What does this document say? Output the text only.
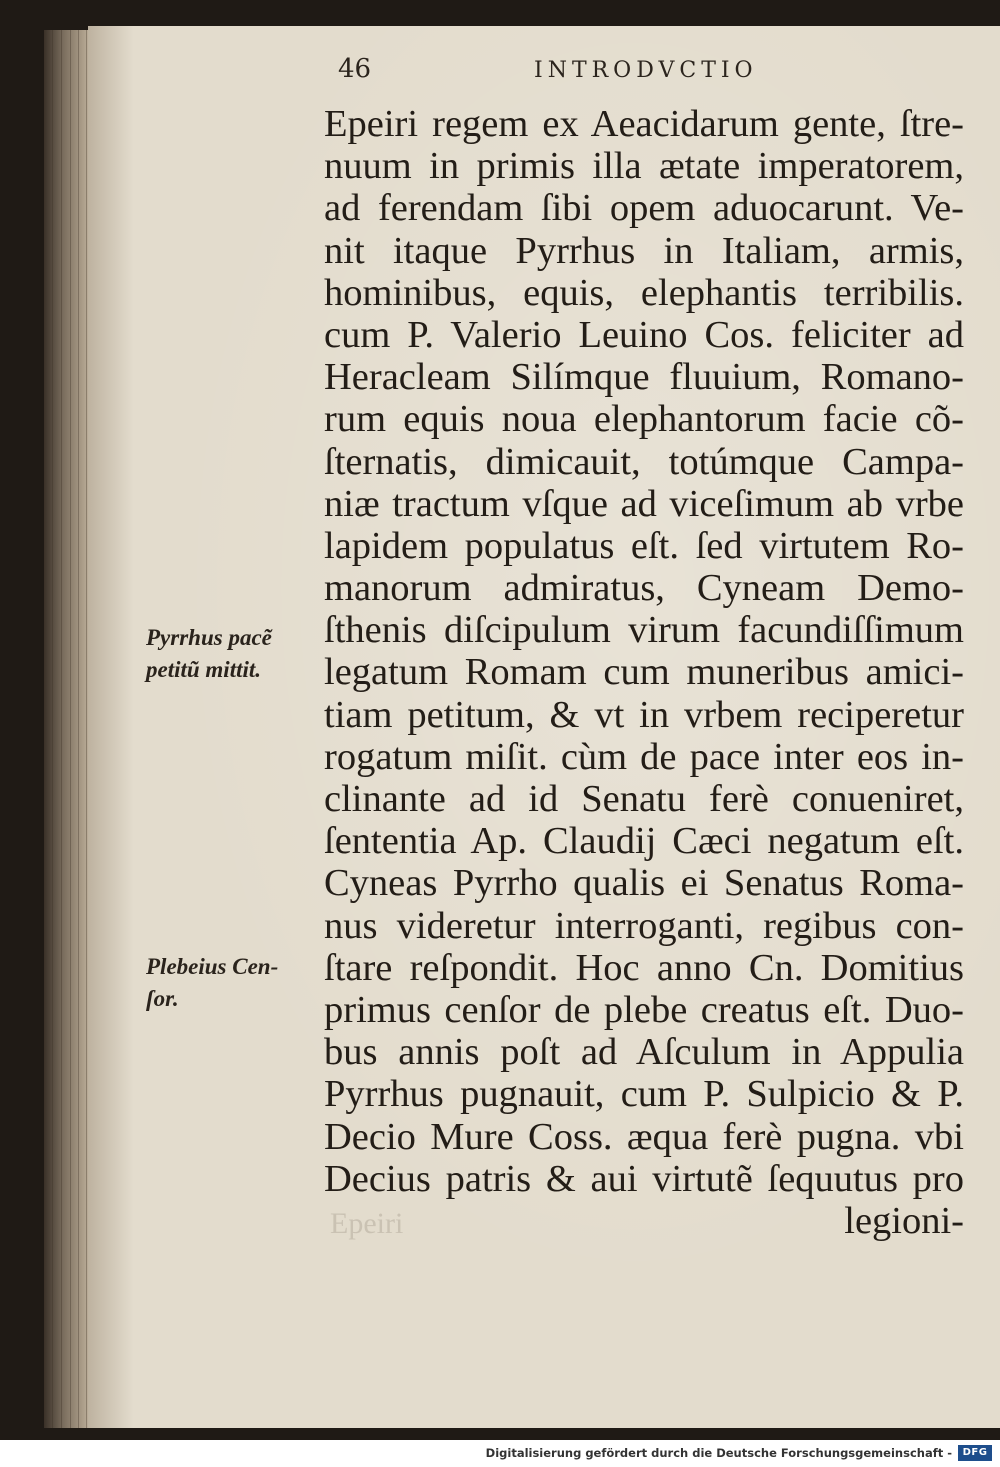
46	INTRODVCTIO
Epeiri regem ex Aeacidarum gente, ſtre-
nuum in primis illa ætate imperatorem,
ad ferendam ſibi opem aduocarunt. Ve-
nit itaque Pyrrhus in Italiam, armis,
hominibus, equis, elephantis terribilis.
cum P. Valerio Leuino Cos. feliciter ad
Heracleam Silímque fluuium, Romano-
rum equis noua elephantorum facie cõ-
ſternatis, dimicauit, totúmque Campa-
niæ tractum vſque ad viceſimum ab vrbe
lapidem populatus eſt. ſed virtutem Ro-
manorum admiratus, Cyneam Demo-
ſthenis diſcipulum virum facundiſſimum
legatum Romam cum muneribus amici-
tiam petitum, & vt in vrbem reciperetur
rogatum miſit. cùm de pace inter eos in-
clinante ad id Senatu ferè conueniret,
ſententia Ap. Claudij Cæci negatum eſt.
Cyneas Pyrrho qualis ei Senatus Roma-
nus videretur interroganti, regibus con-
ſtare reſpondit. Hoc anno Cn. Domitius
primus cenſor de plebe creatus eſt. Duo-
bus annis poſt ad Aſculum in Appulia
Pyrrhus pugnauit, cum P. Sulpicio & P.
Decio Mure Coss. æqua ferè pugna. vbi
Decius patris & aui virtutẽ ſequutus pro
legioni-
Pyrrhus pacẽ
petitũ mittit.
Plebeius Cen-
ſor.
Epeiri
Digitalisierung gefördert durch die Deutsche Forschungsgemeinschaft -	DFG
